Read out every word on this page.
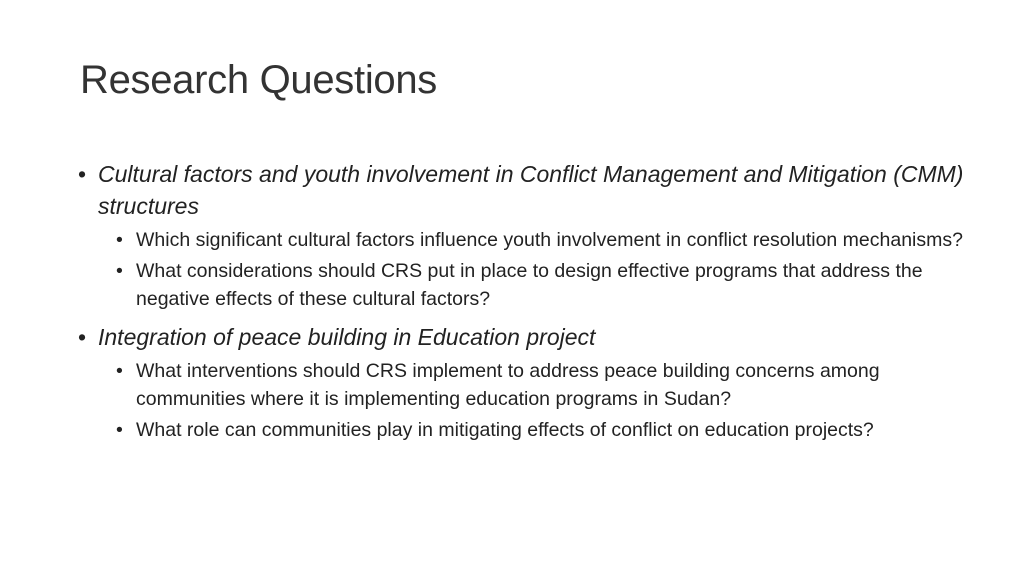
Research Questions
• Cultural factors and youth involvement in Conflict Management and Mitigation (CMM) structures
• Which significant cultural factors influence youth involvement in conflict resolution mechanisms?
• What considerations should CRS put in place to design effective programs that address the negative effects of these cultural factors?
• Integration of peace building in Education project
• What interventions should CRS implement to address peace building concerns among communities where it is implementing education programs in Sudan?
• What role can communities play in mitigating effects of conflict on education projects?
